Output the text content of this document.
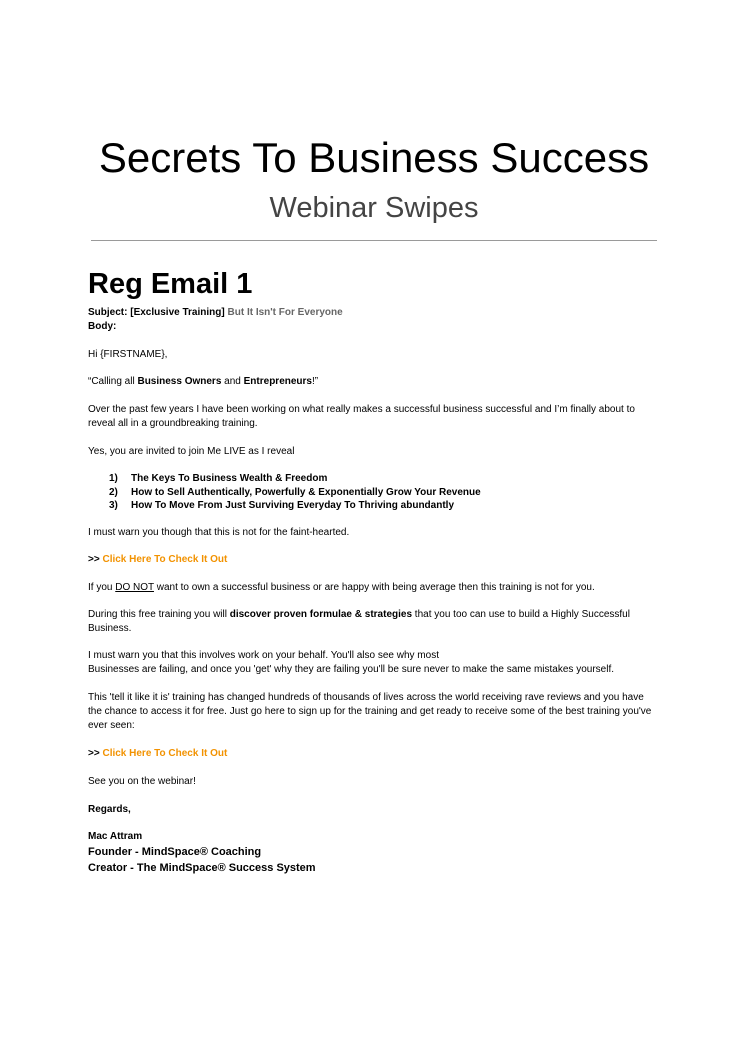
Secrets To Business Success
Webinar Swipes
Reg Email 1
Subject: [Exclusive Training] But It Isn't For Everyone
Body:

Hi {FIRSTNAME},

“Calling all Business Owners and Entrepreneurs!”

Over the past few years I have been working on what really makes a successful business successful and I’m finally about to reveal all in a groundbreaking training.

Yes, you are invited to join Me LIVE as I reveal

1)	The Keys To Business Wealth & Freedom
2)	How to Sell Authentically, Powerfully & Exponentially Grow Your Revenue
3)	How To Move From Just Surviving Everyday To Thriving abundantly

I must warn you though that this is not for the faint-hearted.

>> Click Here To Check It Out

If you DO NOT want to own a successful business or are happy with being average then this training is not for you.

During this free training you will discover proven formulae & strategies that you too can use to build a Highly Successful Business.

I must warn you that this involves work on your behalf. You'll also see why most
Businesses are failing, and once you 'get' why they are failing you'll be sure never to make the same mistakes yourself.

This 'tell it like it is' training has changed hundreds of thousands of lives across the world receiving rave reviews and you have the chance to access it for free. Just go here to sign up for the training and get ready to receive some of the best training you've ever seen:

>> Click Here To Check It Out

See you on the webinar!

Regards,

Mac Attram
Founder - MindSpace® Coaching
Creator - The MindSpace® Success System
